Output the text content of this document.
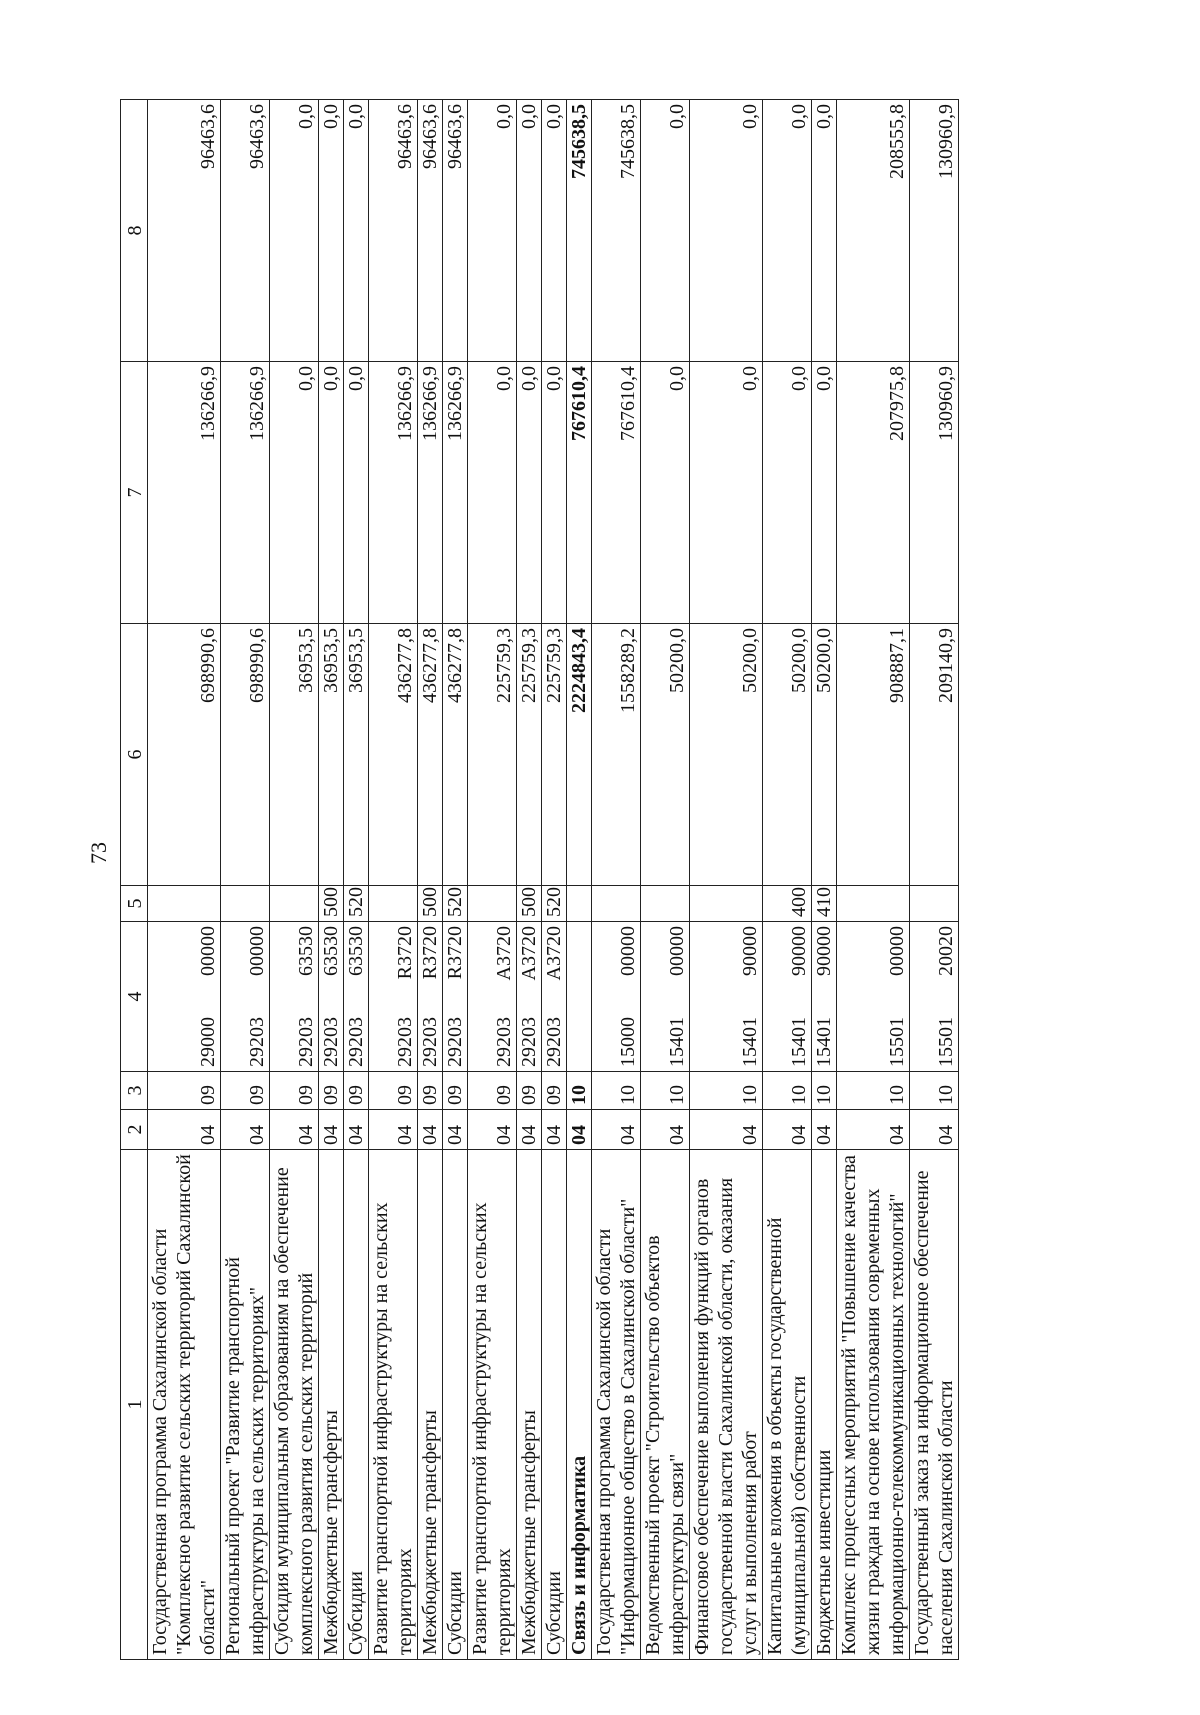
73
1	2	3	4	5	6	7	8
Государственная программа Сахалинской области "Комплексное развитие сельских территорий Сахалинской области"	04	09	29000
00000		698990,6	136266,9	96463,6
Региональный проект "Развитие транспортной инфраструктуры на сельских территориях"	04	09	29203
00000		698990,6	136266,9	96463,6
Субсидия муниципальным образованиям на обеспечение комплексного развития сельских территорий	04	09	29203
63530		36953,5	0,0	0,0
Межбюджетные трансферты	04	09	29203
63530	500	36953,5	0,0	0,0
Субсидии	04	09	29203
63530	520	36953,5	0,0	0,0
Развитие транспортной инфраструктуры на сельских территориях	04	09	29203
R3720		436277,8	136266,9	96463,6
Межбюджетные трансферты	04	09	29203
R3720	500	436277,8	136266,9	96463,6
Субсидии	04	09	29203
R3720	520	436277,8	136266,9	96463,6
Развитие транспортной инфраструктуры на сельских территориях	04	09	29203
A3720		225759,3	0,0	0,0
Межбюджетные трансферты	04	09	29203
A3720	500	225759,3	0,0	0,0
Субсидии	04	09	29203
A3720	520	225759,3	0,0	0,0
Связь и информатика	04	10			2224843,4	767610,4	745638,5
Государственная программа Сахалинской области "Информационное общество в Сахалинской области"	04	10	15000
00000		1558289,2	767610,4	745638,5
Ведомственный проект "Строительство объектов инфраструктуры связи"	04	10	15401
00000		50200,0	0,0	0,0
Финансовое обеспечение выполнения функций органов государственной власти Сахалинской области, оказания услуг и выполнения работ	04	10	15401
90000		50200,0	0,0	0,0
Капитальные вложения в объекты государственной (муниципальной) собственности	04	10	15401
90000	400	50200,0	0,0	0,0
Бюджетные инвестиции	04	10	15401
90000	410	50200,0	0,0	0,0
Комплекс процессных мероприятий "Повышение качества жизни граждан на основе использования современных информационно-телекоммуникационных технологий"	04	10	15501
00000		908887,1	207975,8	208555,8
Государственный заказ на информационное обеспечение населения Сахалинской области	04	10	15501
20020		209140,9	130960,9	130960,9
